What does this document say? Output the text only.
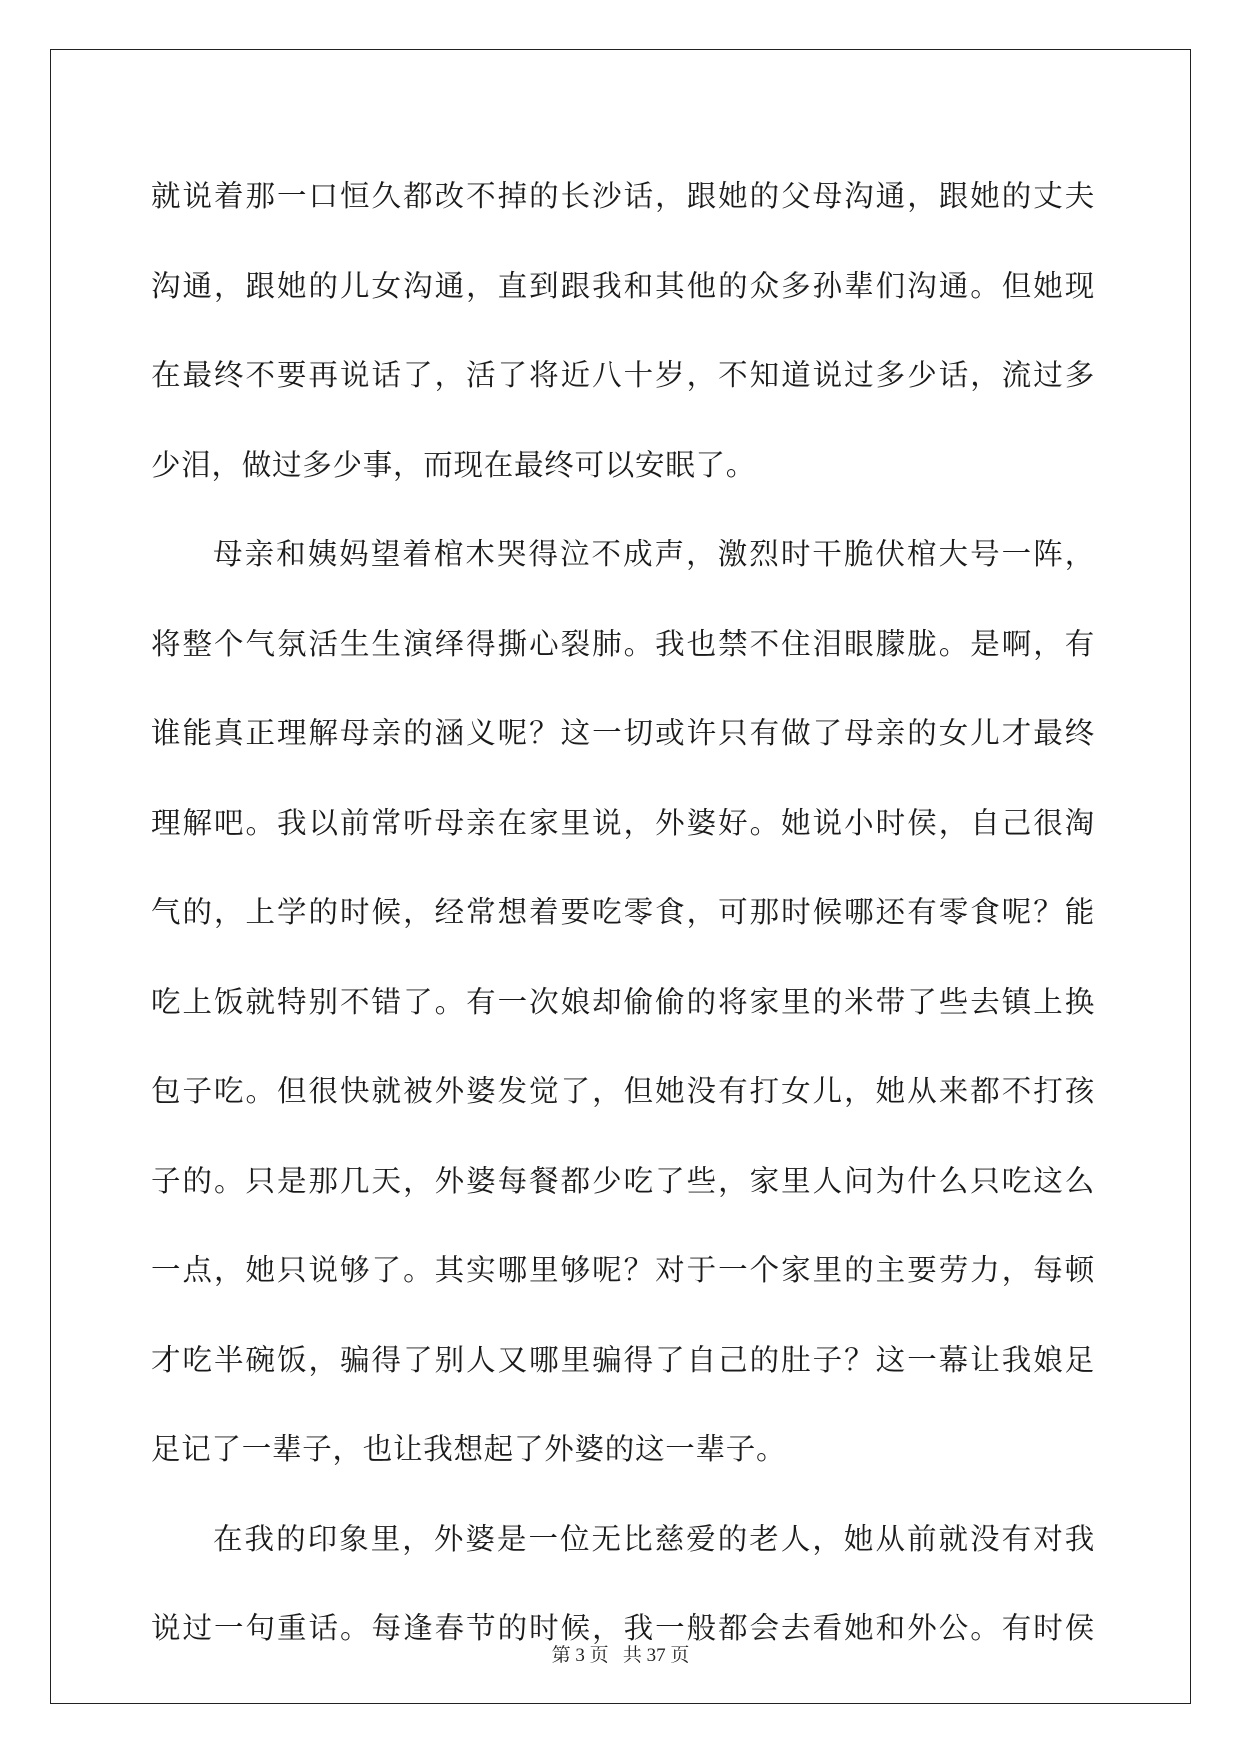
就说着那一口恒久都改不掉的长沙话，跟她的父母沟通，跟她的丈夫
沟通，跟她的儿女沟通，直到跟我和其他的众多孙辈们沟通。但她现
在最终不要再说话了，活了将近八十岁，不知道说过多少话，流过多
少泪，做过多少事，而现在最终可以安眠了。

母亲和姨妈望着棺木哭得泣不成声，激烈时干脆伏棺大号一阵，
将整个气氛活生生演绎得撕心裂肺。我也禁不住泪眼朦胧。是啊，有
谁能真正理解母亲的涵义呢？这一切或许只有做了母亲的女儿才最终
理解吧。我以前常听母亲在家里说，外婆好。她说小时侯，自己很淘
气的，上学的时候，经常想着要吃零食，可那时候哪还有零食呢？能
吃上饭就特别不错了。有一次娘却偷偷的将家里的米带了些去镇上换
包子吃。但很快就被外婆发觉了，但她没有打女儿，她从来都不打孩
子的。只是那几天，外婆每餐都少吃了些，家里人问为什么只吃这么
一点，她只说够了。其实哪里够呢？对于一个家里的主要劳力，每顿
才吃半碗饭，骗得了别人又哪里骗得了自己的肚子？这一幕让我娘足
足记了一辈子，也让我想起了外婆的这一辈子。

在我的印象里，外婆是一位无比慈爱的老人，她从前就没有对我
说过一句重话。每逢春节的时候，我一般都会去看她和外公。有时侯

第 3 页 共 37 页
